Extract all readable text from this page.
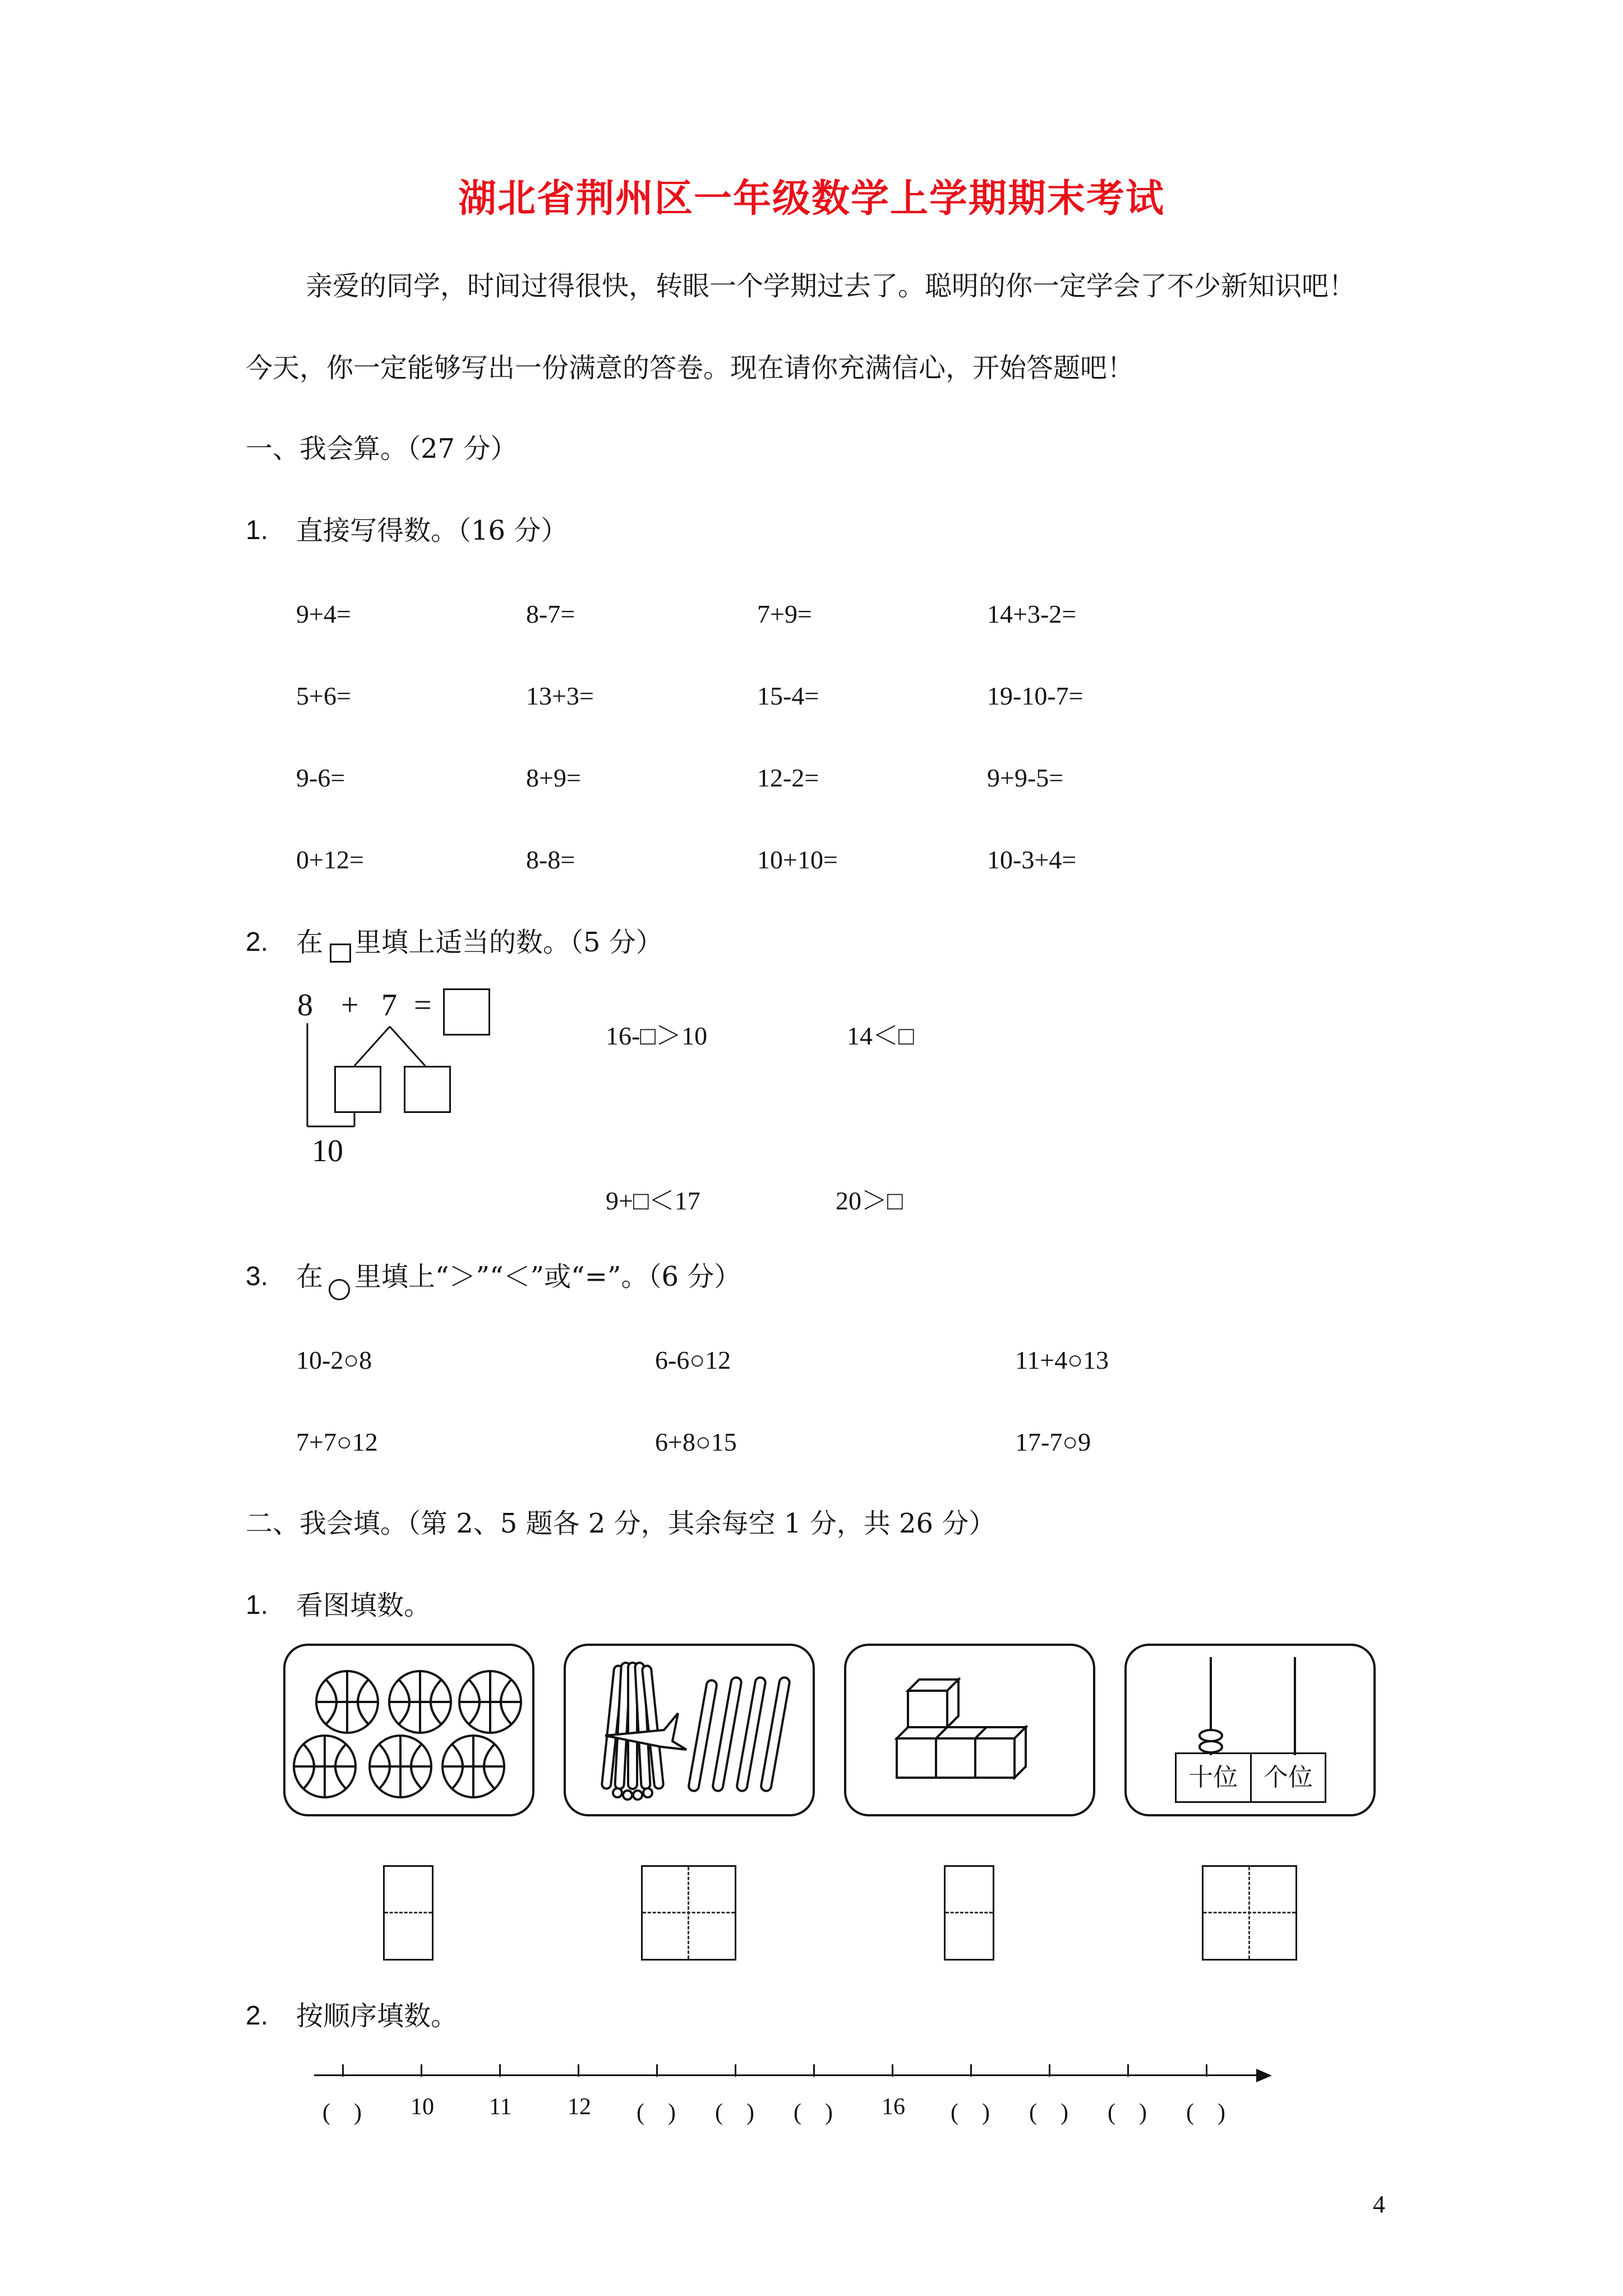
湖北省荆州区一年级数学上学期期末考试
亲爱的同学，时间过得很快，转眼一个学期过去了。聪明的你一定学会了不少新知识吧！
今天，你一定能够写出一份满意的答卷。现在请你充满信心，开始答题吧！
一、我会算。（27 分）
1. 直接写得数。（16 分）
9+4=	8-7=	7+9=	14+3-2=
5+6=	13+3=	15-4=	19-10-7=
9-6=	8+9=	12-2=	9+9-5=
0+12=	8-8=	10+10=	10-3+4=
2. 在 里填上适当的数。（5 分）
8 + 7 =
10
16-□＞10	14＜□
9+□＜17	20＞□
3. 在 里填上“＞”“＜”或“=”。（6 分）
10-2○8	6-6○12	11+4○13
7+7○12	6+8○15	17-7○9
二、我会填。（第 2、5 题各 2 分，其余每空 1 分，共 26 分）
1. 看图填数。
十位	个位
2. 按顺序填数。
(　) 10 11 12 (　) (　) (　) 16 (　) (　) (　) (　)
4
